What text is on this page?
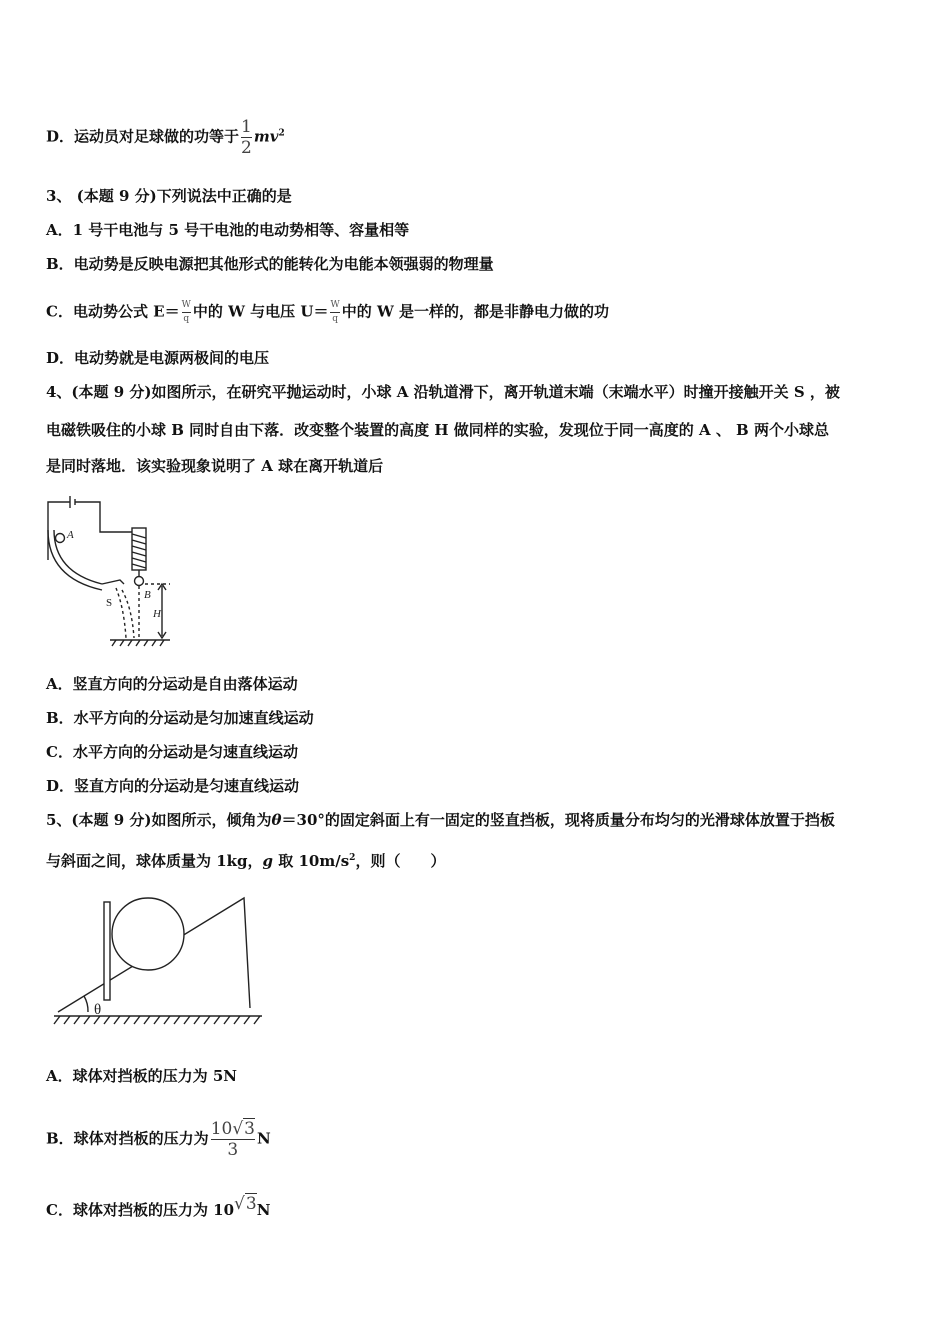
D．运动员对足球做的功等于 $\frac{1}{2} mv^2$
3、 (本题 9 分)下列说法中正确的是
A．1 号干电池与 5 号干电池的电动势相等、容量相等
B．电动势是反映电源把其他形式的能转化为电能本领强弱的物理量
C．电动势公式 $E= \frac{W}{q}$ 中的 W 与电压 $U= \frac{W}{q}$ 中的 W 是一样的，都是非静电力做的功
D．电动势就是电源两极间的电压
4、(本题 9 分)如图所示，在研究平抛运动时，小球 A 沿轨道滑下，离开轨道末端（末端水平）时撞开接触开关 S ，被
电磁铁吸住的小球 B 同时自由下落．改变整个装置的高度 H 做同样的实验，发现位于同一高度的 A 、 B 两个小球总
是同时落地．该实验现象说明了 A 球在离开轨道后
A
B
H
S
A．竖直方向的分运动是自由落体运动
B．水平方向的分运动是匀加速直线运动
C．水平方向的分运动是匀速直线运动
D．竖直方向的分运动是匀速直线运动
5、(本题 9 分)如图所示，倾角为θ＝30°的固定斜面上有一固定的竖直挡板，现将质量分布均匀的光滑球体放置于挡板
与斜面之间，球体质量为 1kg，g 取 $10m/s^2$，则（　　）
θ
A．球体对挡板的压力为 5N
B．球体对挡板的压力为 $\frac{10√3}{3}$ N
C．球体对挡板的压力为 10√3N
